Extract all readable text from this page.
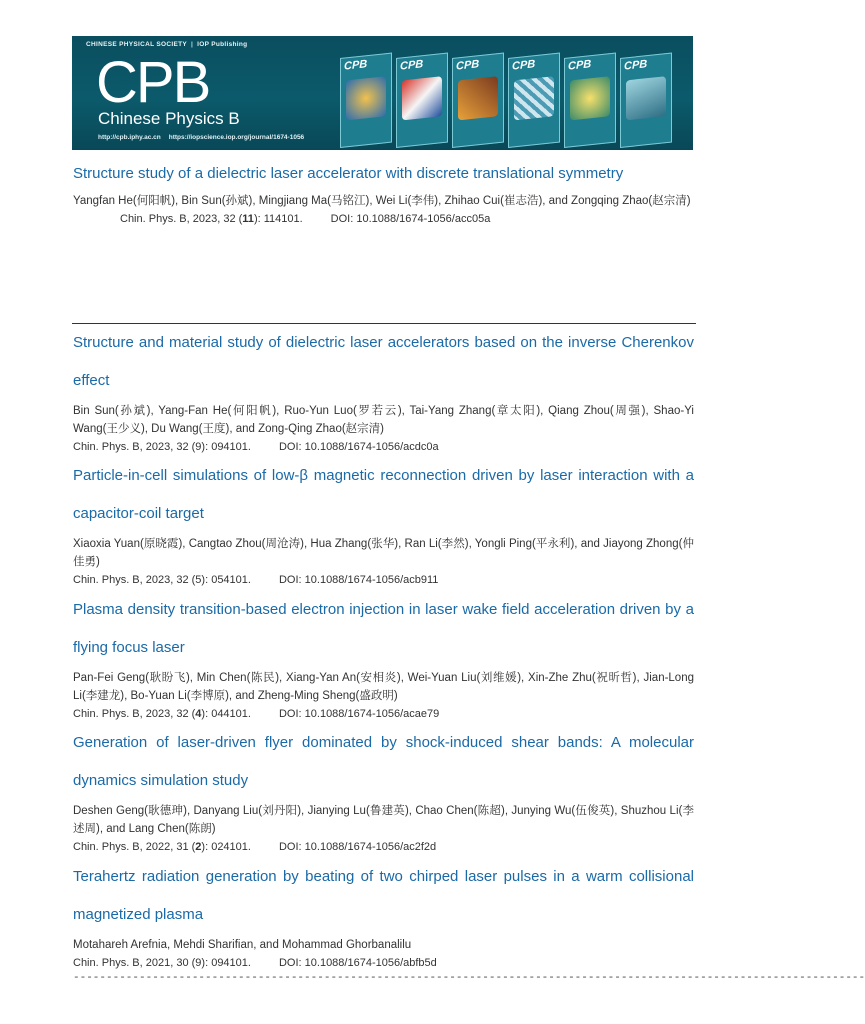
CHINESE PHYSICAL SOCIETY | IOP Publishing
CPB
Chinese Physics B
http://cpb.iphy.ac.cn https://iopscience.iop.org/journal/1674-1056
CPB	CPB	CPB	CPB	CPB	CPB
Structure study of a dielectric laser accelerator with discrete translational symmetry
Yangfan He(何阳帆), Bin Sun(孙斌), Mingjiang Ma(马铭江), Wei Li(李伟), Zhihao Cui(崔志浩), and Zongqing Zhao(赵宗清)
Chin. Phys. B, 2023, 32 (11): 114101.	DOI: 10.1088/1674-1056/acc05a
Structure and material study of dielectric laser accelerators based on the inverse Cherenkov effect
Bin Sun(孙斌), Yang-Fan He(何阳帆), Ruo-Yun Luo(罗若云), Tai-Yang Zhang(章太阳), Qiang Zhou(周强), Shao-Yi Wang(王少义), Du Wang(王度), and Zong-Qing Zhao(赵宗清)
Chin. Phys. B, 2023, 32 (9): 094101.	DOI: 10.1088/1674-1056/acdc0a
Particle-in-cell simulations of low-β magnetic reconnection driven by laser interaction with a capacitor-coil target
Xiaoxia Yuan(原晓霞), Cangtao Zhou(周沧涛), Hua Zhang(张华), Ran Li(李然), Yongli Ping(平永利), and Jiayong Zhong(仲佳勇)
Chin. Phys. B, 2023, 32 (5): 054101.	DOI: 10.1088/1674-1056/acb911
Plasma density transition-based electron injection in laser wake field acceleration driven by a flying focus laser
Pan-Fei Geng(耿盼飞), Min Chen(陈民), Xiang-Yan An(安相炎), Wei-Yuan Liu(刘维媛), Xin-Zhe Zhu(祝昕哲), Jian-Long Li(李建龙), Bo-Yuan Li(李博原), and Zheng-Ming Sheng(盛政明)
Chin. Phys. B, 2023, 32 (4): 044101.	DOI: 10.1088/1674-1056/acae79
Generation of laser-driven flyer dominated by shock-induced shear bands: A molecular dynamics simulation study
Deshen Geng(耿德珅), Danyang Liu(刘丹阳), Jianying Lu(鲁建英), Chao Chen(陈超), Junying Wu(伍俊英), Shuzhou Li(李述周), and Lang Chen(陈朗)
Chin. Phys. B, 2022, 31 (2): 024101.	DOI: 10.1088/1674-1056/ac2f2d
Terahertz radiation generation by beating of two chirped laser pulses in a warm collisional magnetized plasma
Motahareh Arefnia, Mehdi Sharifian, and Mohammad Ghorbanalilu
Chin. Phys. B, 2021, 30 (9): 094101.	DOI: 10.1088/1674-1056/abfb5d
------------------------------------------------------------------------------------------------------------------------
